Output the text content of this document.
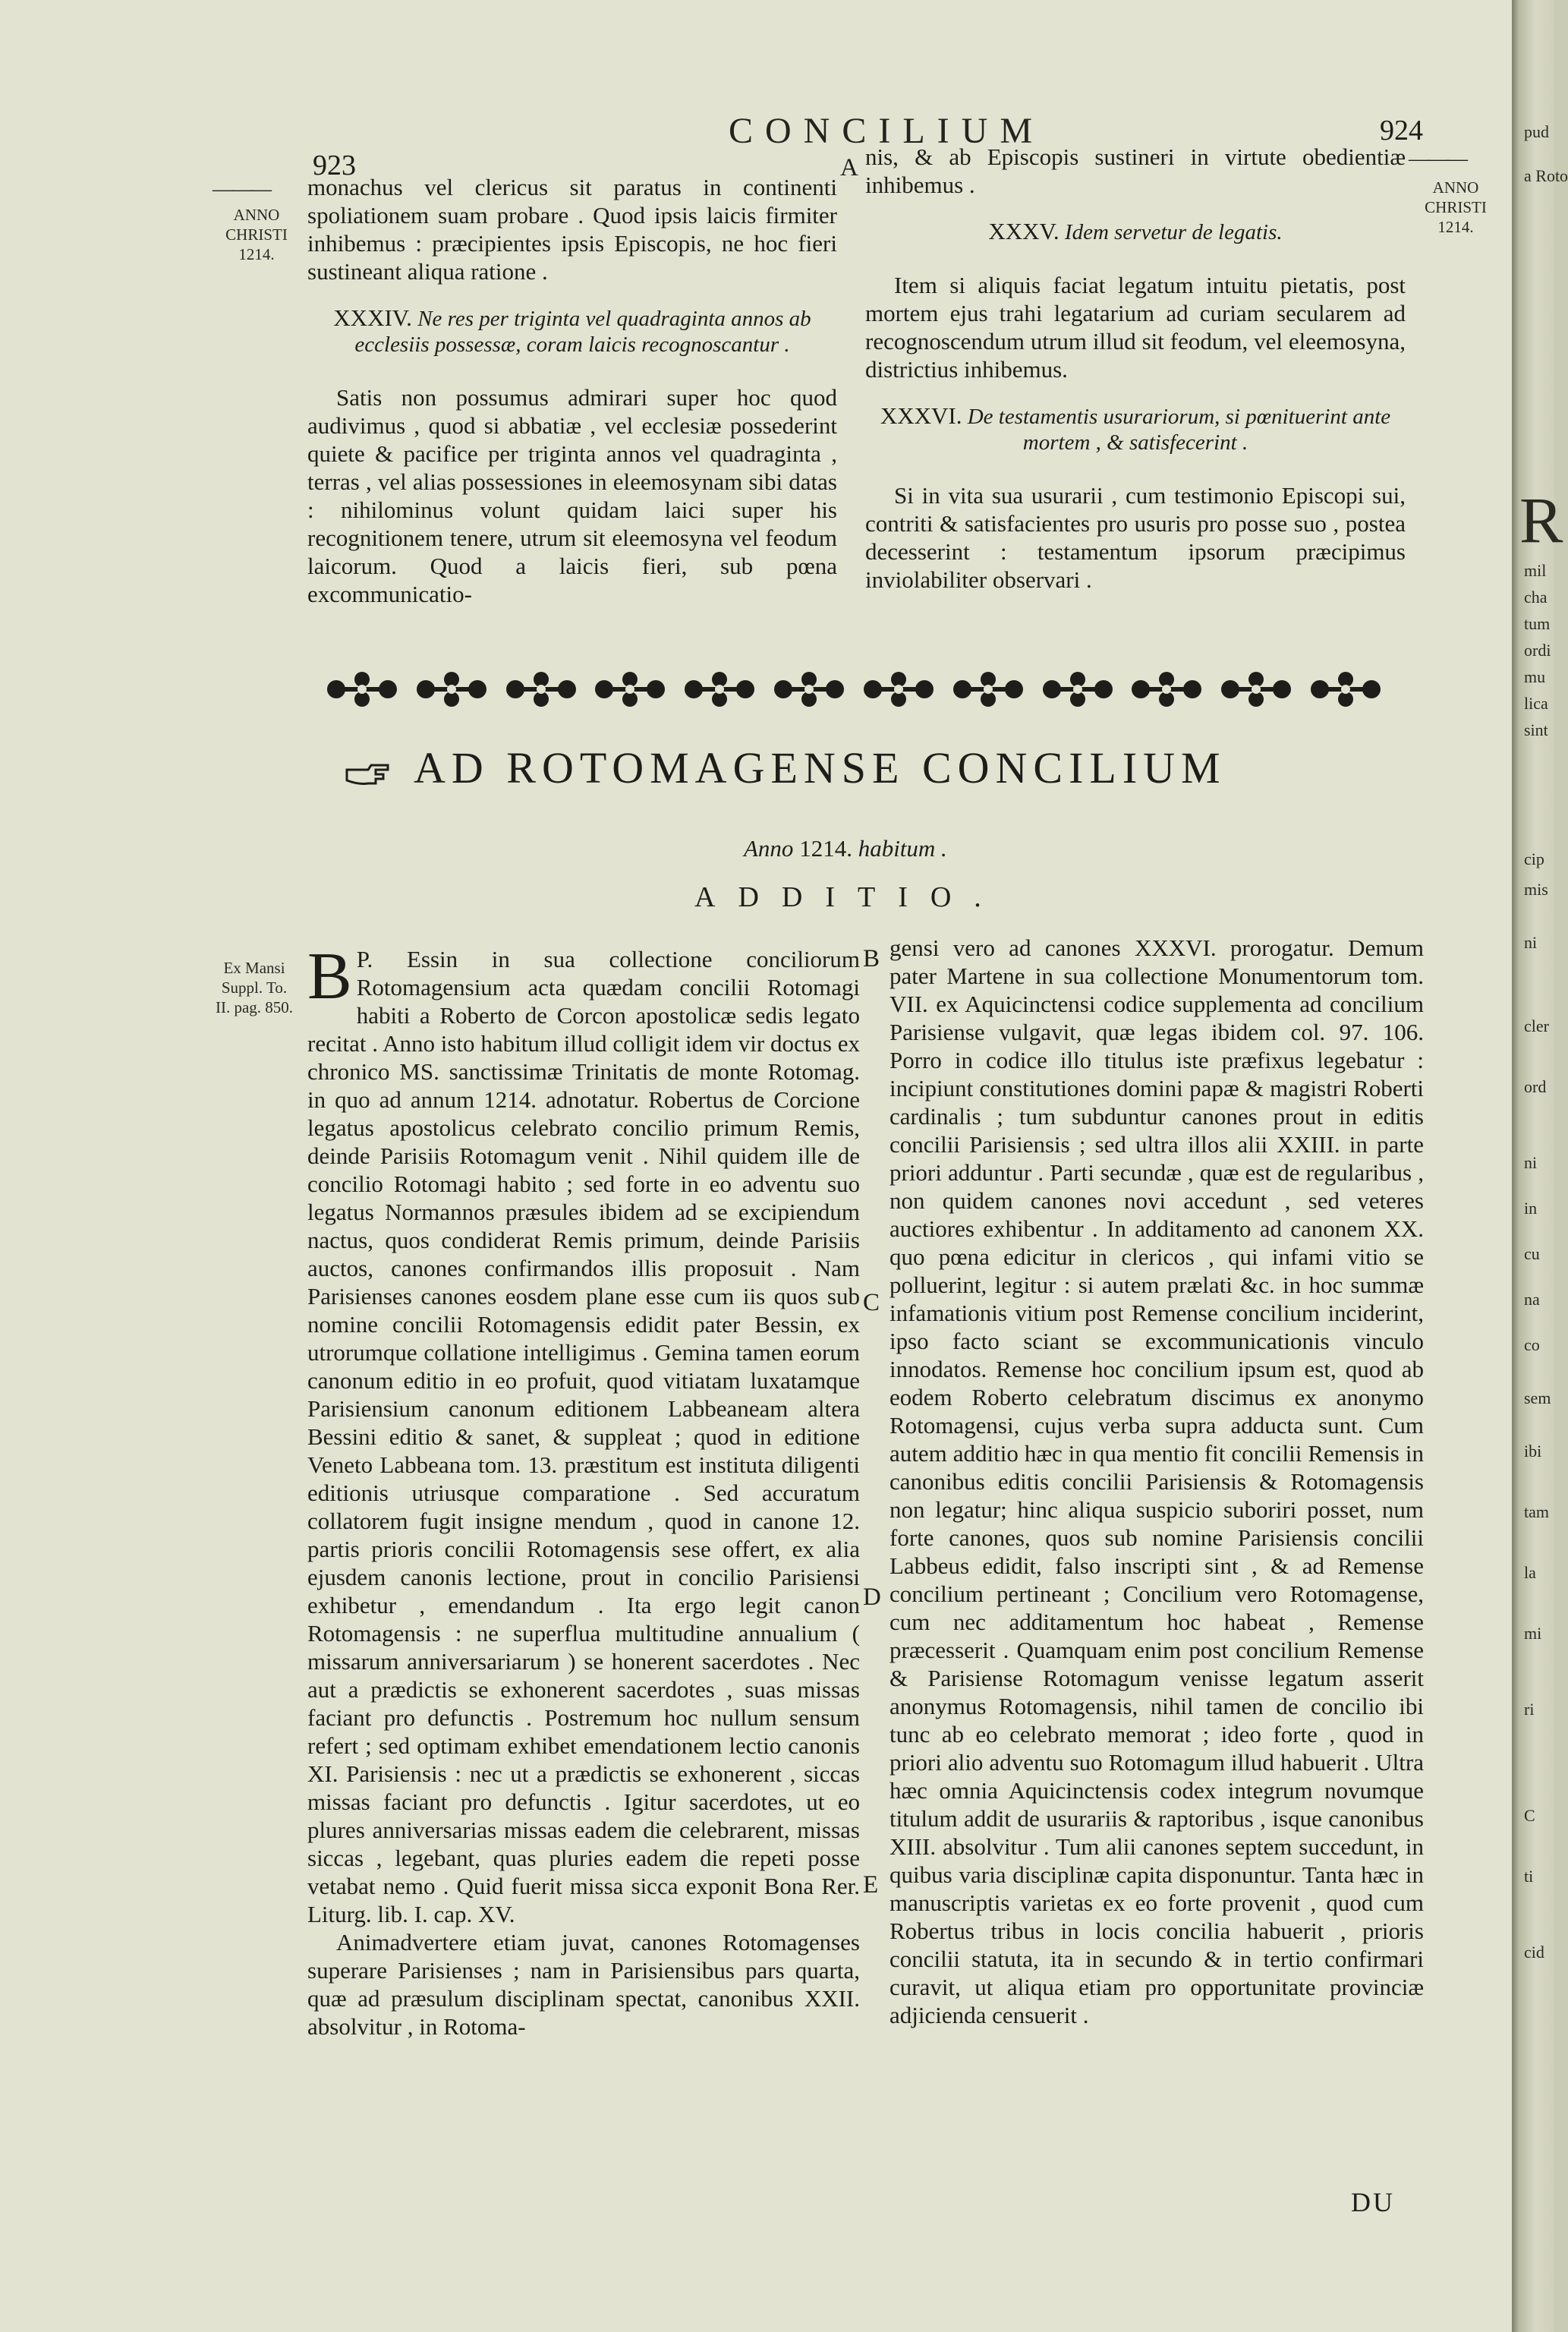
923
CONCILIUM	924
———
ANNO
CHRISTI
1214.
———
ANNO
CHRISTI
1214.
A

monachus vel clericus sit paratus in continenti spoliationem suam probare . Quod ipsis laicis firmiter inhibemus : præcipientes ipsis Episcopis, ne hoc fieri sustineant aliqua ratione .

XXXIV. Ne res per triginta vel quadraginta annos ab ecclesiis possessæ, coram laicis recognoscantur .

Satis non possumus admirari super hoc quod audivimus , quod si abbatiæ , vel ecclesiæ possederint quiete & pacifice per triginta annos vel quadraginta , terras , vel alias possessiones in eleemosynam sibi datas : nihilominus volunt quidam laici super his recognitionem tenere, utrum sit eleemosyna vel feodum laicorum. Quod a laicis fieri, sub pœna excommunicatio-

nis, & ab Episcopis sustineri in virtute obedientiæ inhibemus .

XXXV. Idem servetur de legatis.

Item si aliquis faciat legatum intuitu pietatis, post mortem ejus trahi legatarium ad curiam secularem ad recognoscendum utrum illud sit feodum, vel eleemosyna, districtius inhibemus.

XXXVI. De testamentis usurariorum, si pœnituerint ante mortem , & satisfecerint .

Si in vita sua usurarii , cum testimonio Episcopi sui, contriti & satisfacientes pro usuris pro posse suo , postea decesserint : testamentum ipsorum præcipimus inviolabiliter observari .

AD ROTOMAGENSE CONCILIUM
Anno 1214. habitum .
ADDITIO.
Ex Mansi
Suppl. To.
II. pag. 850.

P.
B Essin in sua collectione conciliorum Rotomagensium acta quædam concilii Rotomagi habiti a Roberto de Corcon apostolicæ sedis legato recitat . Anno isto habitum illud colligit idem vir doctus ex chronico MS. sanctissimæ Trinitatis de monte Rotomag. in quo ad annum 1214. adnotatur. Robertus de Corcione legatus apostolicus celebrato concilio primum Remis, deinde Parisiis Rotomagum venit . Nihil quidem ille de concilio Rotomagi habito ; sed forte in eo adventu suo legatus Normannos præsules ibidem ad se excipiendum nactus, quos condiderat Remis primum, deinde Parisiis auctos, canones confirmandos illis proposuit . Nam Parisienses canones eosdem plane esse cum iis quos sub nomine concilii Rotomagensis edidit pater Bessin, ex utrorumque collatione intelligimus . Gemina tamen eorum canonum editio in eo profuit, quod vitiatam luxatamque Parisiensium canonum editionem Labbeaneam altera Bessini editio & sanet, & suppleat ; quod in editione Veneto Labbeana tom. 13. præstitum est instituta diligenti editionis utriusque comparatione . Sed accuratum collatorem fugit insigne mendum , quod in canone 12. partis prioris concilii Rotomagensis sese offert, ex alia ejusdem canonis lectione, prout in concilio Parisiensi exhibetur , emendandum . Ita ergo legit canon Rotomagensis : ne superflua multitudine annualium ( missarum anniversariarum ) se honerent sacerdotes . Nec aut a prædictis se exhonerent sacerdotes , suas missas faciant pro defunctis . Postremum hoc nullum sensum refert ; sed optimam exhibet emendationem lectio canonis XI. Parisiensis : nec ut a prædictis se exhonerent , siccas missas faciant pro defunctis . Igitur sacerdotes, ut eo plures anniversarias missas eadem die celebrarent, missas siccas , legebant, quas pluries eadem die repeti posse vetabat nemo . Quid fuerit missa sicca exponit Bona Rer. Liturg. lib. I. cap. XV.

Animadvertere etiam juvat, canones Rotomagenses superare Parisienses ; nam in Parisiensibus pars quarta, quæ ad præsulum disciplinam spectat, canonibus XXII. absolvitur , in Rotoma-

B
C
D
E

gensi vero ad canones XXXVI. prorogatur. Demum pater Martene in sua collectione Monumentorum tom. VII. ex Aquicinctensi codice supplementa ad concilium Parisiense vulgavit, quæ legas ibidem col. 97. 106. Porro in codice illo titulus iste præfixus legebatur : incipiunt constitutiones domini papæ & magistri Roberti cardinalis ; tum subduntur canones prout in editis concilii Parisiensis ; sed ultra illos alii XXIII. in parte priori adduntur . Parti secundæ , quæ est de regularibus , non quidem canones novi accedunt , sed veteres auctiores exhibentur . In additamento ad canonem XX. quo pœna edicitur in clericos , qui infami vitio se polluerint, legitur : si autem prælati &c. in hoc summæ infamationis vitium post Remense concilium inciderint, ipso facto sciant se excommunicationis vinculo innodatos. Remense hoc concilium ipsum est, quod ab eodem Roberto celebratum discimus ex anonymo Rotomagensi, cujus verba supra adducta sunt. Cum autem additio hæc in qua mentio fit concilii Remensis in canonibus editis concilii Parisiensis & Rotomagensis non legatur; hinc aliqua suspicio suboriri posset, num forte canones, quos sub nomine Parisiensis concilii Labbeus edidit, falso inscripti sint , & ad Remense concilium pertineant ; Concilium vero Rotomagense, cum nec additamentum hoc habeat , Remense præcesserit . Quamquam enim post concilium Remense & Parisiense Rotomagum venisse legatum asserit anonymus Rotomagensis, nihil tamen de concilio ibi tunc ab eo celebrato memorat ; ideo forte , quod in priori alio adventu suo Rotomagum illud habuerit . Ultra hæc omnia Aquicinctensis codex integrum novumque titulum addit de usurariis & raptoribus , isque canonibus XIII. absolvitur . Tum alii canones septem succedunt, in quibus varia disciplinæ capita disponuntur. Tanta hæc in manuscriptis varietas ex eo forte provenit , quod cum Robertus tribus in locis concilia habuerit , prioris concilii statuta, ita in secundo & in tertio confirmari curavit, ut aliqua etiam pro opportunitate provinciæ adjicienda censuerit .

DU
pud
a Roto
R
mil
cha
tum
ordi
mu
lica
sint
cip
mis
ni
cler
ord
ni
in
cu
na
co
sem
ibi
tam
la
mi
ri
C
ti
cid
